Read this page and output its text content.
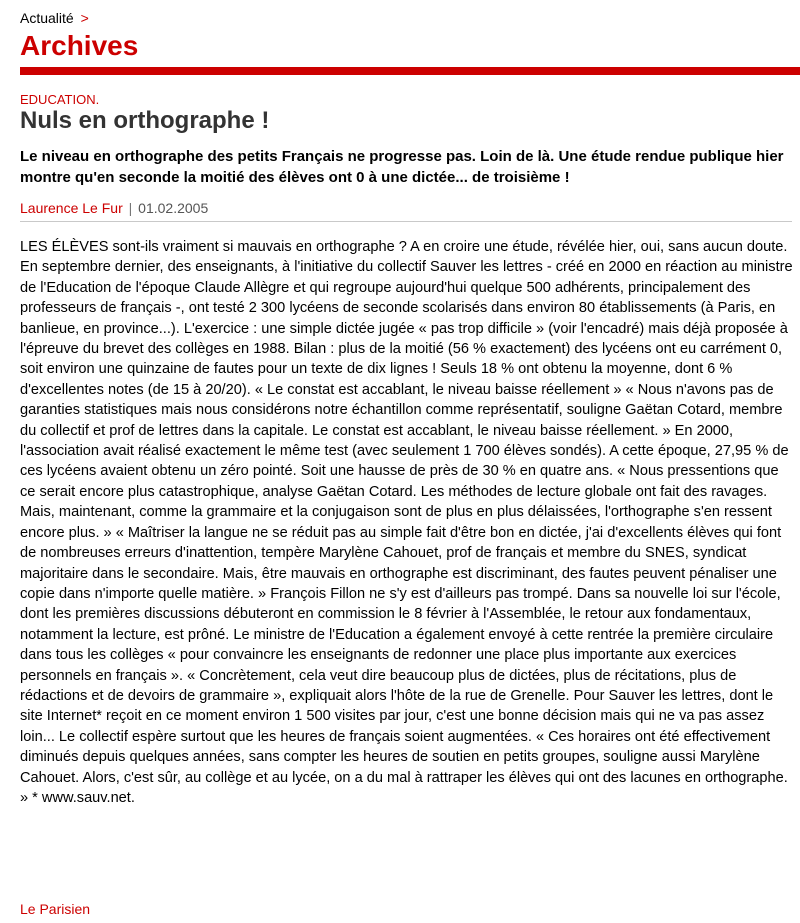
Actualité >
Archives
EDUCATION.
Nuls en orthographe !
Le niveau en orthographe des petits Français ne progresse pas. Loin de là. Une étude rendue publique hier montre qu'en seconde la moitié des élèves ont 0 à une dictée... de troisième !
Laurence Le Fur | 01.02.2005

LES ÉLÈVES sont-ils vraiment si mauvais en orthographe ? A en croire une étude, révélée hier, oui, sans aucun doute. En septembre dernier, des enseignants, à l'initiative du collectif Sauver les lettres - créé en 2000 en réaction au ministre de l'Education de l'époque Claude Allègre et qui regroupe aujourd'hui quelque 500 adhérents, principalement des professeurs de français -, ont testé 2 300 lycéens de seconde scolarisés dans environ 80 établissements (à Paris, en banlieue, en province...). L'exercice : une simple dictée jugée « pas trop difficile » (voir l'encadré) mais déjà proposée à l'épreuve du brevet des collèges en 1988. Bilan : plus de la moitié (56 % exactement) des lycéens ont eu carrément 0, soit environ une quinzaine de fautes pour un texte de dix lignes ! Seuls 18 % ont obtenu la moyenne, dont 6 % d'excellentes notes (de 15 à 20/20). « Le constat est accablant, le niveau baisse réellement » « Nous n'avons pas de garanties statistiques mais nous considérons notre échantillon comme représentatif, souligne Gaëtan Cotard, membre du collectif et prof de lettres dans la capitale. Le constat est accablant, le niveau baisse réellement. » En 2000, l'association avait réalisé exactement le même test (avec seulement 1 700 élèves sondés). A cette époque, 27,95 % de ces lycéens avaient obtenu un zéro pointé. Soit une hausse de près de 30 % en quatre ans. « Nous pressentions que ce serait encore plus catastrophique, analyse Gaëtan Cotard. Les méthodes de lecture globale ont fait des ravages. Mais, maintenant, comme la grammaire et la conjugaison sont de plus en plus délaissées, l'orthographe s'en ressent encore plus. » « Maîtriser la langue ne se réduit pas au simple fait d'être bon en dictée, j'ai d'excellents élèves qui font de nombreuses erreurs d'inattention, tempère Marylène Cahouet, prof de français et membre du SNES, syndicat majoritaire dans le secondaire. Mais, être mauvais en orthographe est discriminant, des fautes peuvent pénaliser une copie dans n'importe quelle matière. » François Fillon ne s'y est d'ailleurs pas trompé. Dans sa nouvelle loi sur l'école, dont les premières discussions débuteront en commission le 8 février à l'Assemblée, le retour aux fondamentaux, notamment la lecture, est prôné. Le ministre de l'Education a également envoyé à cette rentrée la première circulaire dans tous les collèges « pour convaincre les enseignants de redonner une place plus importante aux exercices personnels en français ». « Concrètement, cela veut dire beaucoup plus de dictées, plus de récitations, plus de rédactions et de devoirs de grammaire », expliquait alors l'hôte de la rue de Grenelle. Pour Sauver les lettres, dont le site Internet* reçoit en ce moment environ 1 500 visites par jour, c'est une bonne décision mais qui ne va pas assez loin... Le collectif espère surtout que les heures de français soient augmentées. « Ces horaires ont été effectivement diminués depuis quelques années, sans compter les heures de soutien en petits groupes, souligne aussi Marylène Cahouet. Alors, c'est sûr, au collège et au lycée, on a du mal à rattraper les élèves qui ont des lacunes en orthographe. » * www.sauv.net.

Le Parisien
